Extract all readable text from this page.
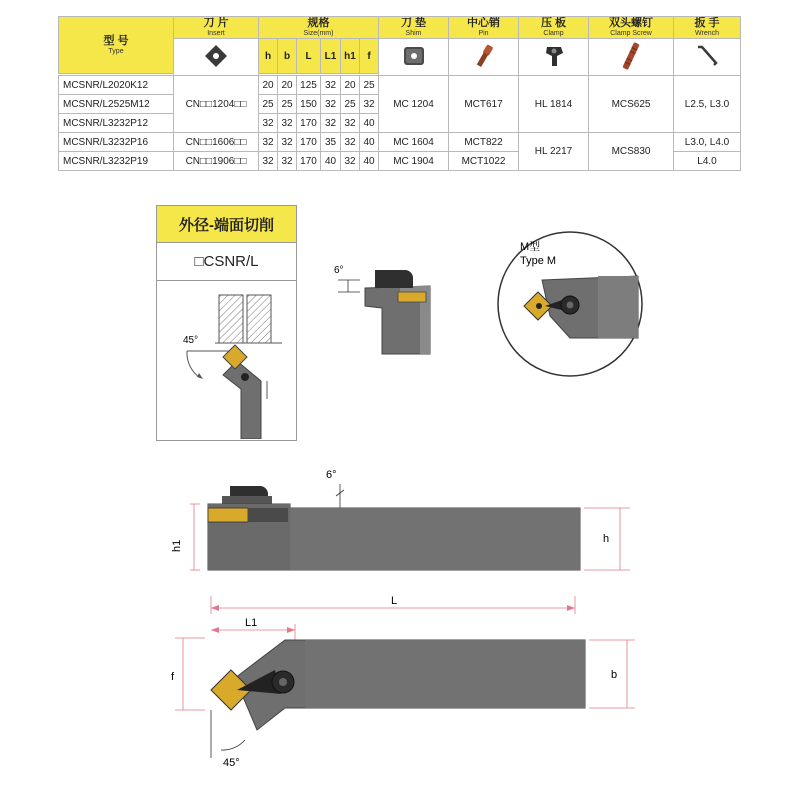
型 号
Type	刀 片
Insert	规格
Size(mm)						刀 垫
Shim	中心销
Pin	压 板
Clamp	双头螺钉
Clamp Screw	扳 手
Wrench

	h	b	L	L1	h1	f					

MCSNR/L2020K12	CN□□1204□□	20	20	125	32	20	25	MC 1204	MCT617	HL 1814	MCS625	L2.5, L3.0
MCSNR/L2525M12		25	25	150	32	25	32					
MCSNR/L3232P12		32	32	170	32	32	40					
MCSNR/L3232P16	CN□□1606□□	32	32	170	35	32	40	MC 1604	MCT822	HL 2217	MCS830	L3.0, L4.0
MCSNR/L3232P19	CN□□1906□□	32	32	170	40	32	40	MC 1904	MCT1022			L4.0
外径-端面切削
□CSNR/L
45°
6°
M型
Type M
6°
h1
h
L
L1
f	b
45°
